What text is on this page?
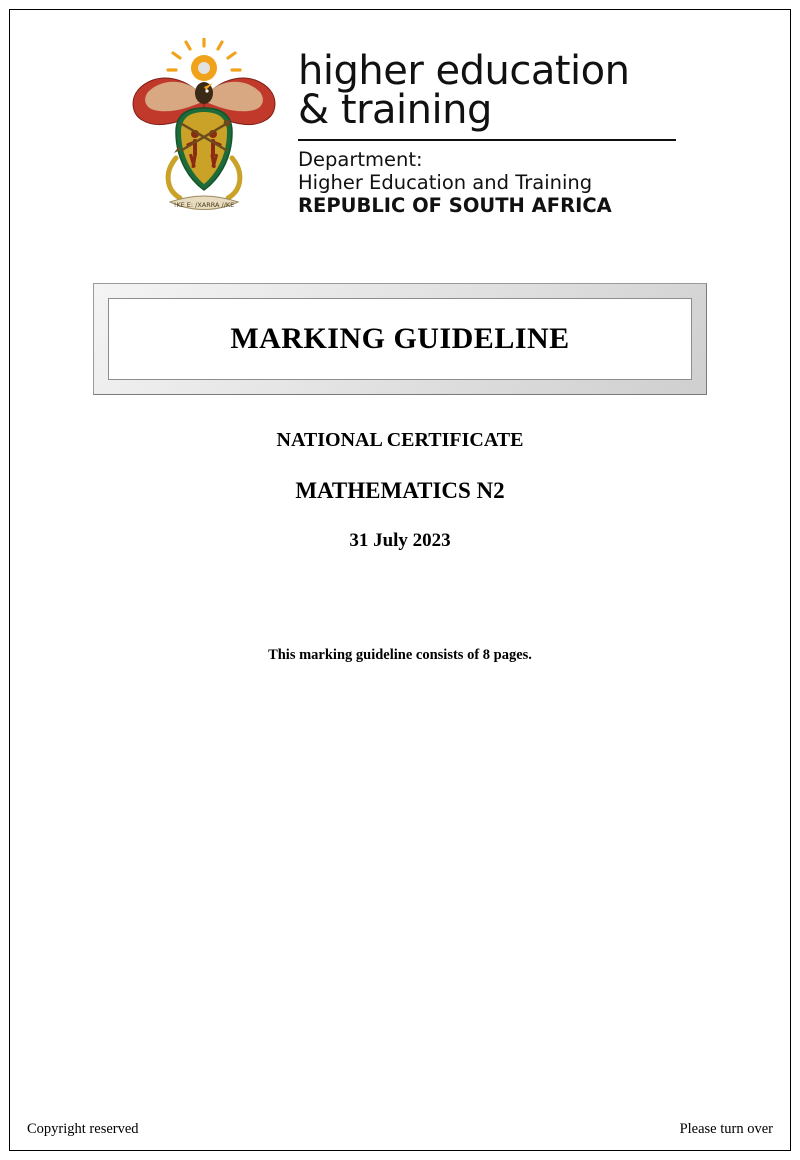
!KE E: /XARRA //KE
higher education
& training
Department:
Higher Education and Training
REPUBLIC OF SOUTH AFRICA
MARKING GUIDELINE
NATIONAL CERTIFICATE
MATHEMATICS N2
31 July 2023
This marking guideline consists of 8 pages.
Copyright reserved	Please turn over
